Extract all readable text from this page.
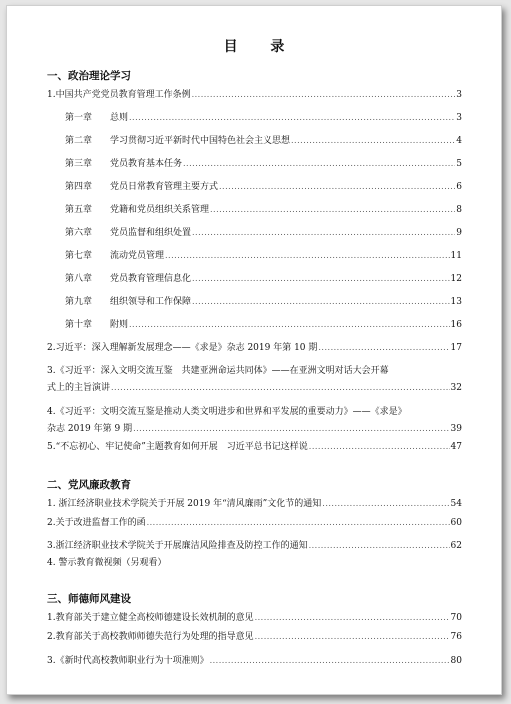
目 录
一、政治理论学习
1.中国共产党党员教育管理工作条例 .....	3
第一章 总则 .....	3
第二章 学习贯彻习近平新时代中国特色社会主义思想 .....	4
第三章 党员教育基本任务 .....	5
第四章 党员日常教育管理主要方式 .....	6
第五章 党籍和党员组织关系管理 .....	8
第六章 党员监督和组织处置 .....	9
第七章 流动党员管理 .....	11
第八章 党员教育管理信息化 .....	12
第九章 组织领导和工作保障 .....	13
第十章 附则 .....	16
2.习近平：深入理解新发展理念——《求是》杂志 2019 年第 10 期 .....	17
3.《习近平：深入文明交流互鉴　共建亚洲命运共同体》——在亚洲文明对话大会开幕
式上的主旨演讲 .....	32
4.《习近平：文明交流互鉴是推动人类文明进步和世界和平发展的重要动力》——《求是》
杂志 2019 年第 9 期 .....	39
5.“不忘初心、牢记使命”主题教育如何开展　习近平总书记这样说 .....	47
二、党风廉政教育
1. 浙江经济职业技术学院关于开展 2019 年“清风廉雨”文化节的通知 .....	54
2.关于改进监督工作的函 .....	60
3.浙江经济职业技术学院关于开展廉洁风险排查及防控工作的通知 .....	62
4. 警示教育微视频（另观看）
三、师德师风建设
1.教育部关于建立健全高校师德建设长效机制的意见 .....	70
2.教育部关于高校教师师德失范行为处理的指导意见 .....	76
3.《新时代高校教师职业行为十项准则》 .....	80
